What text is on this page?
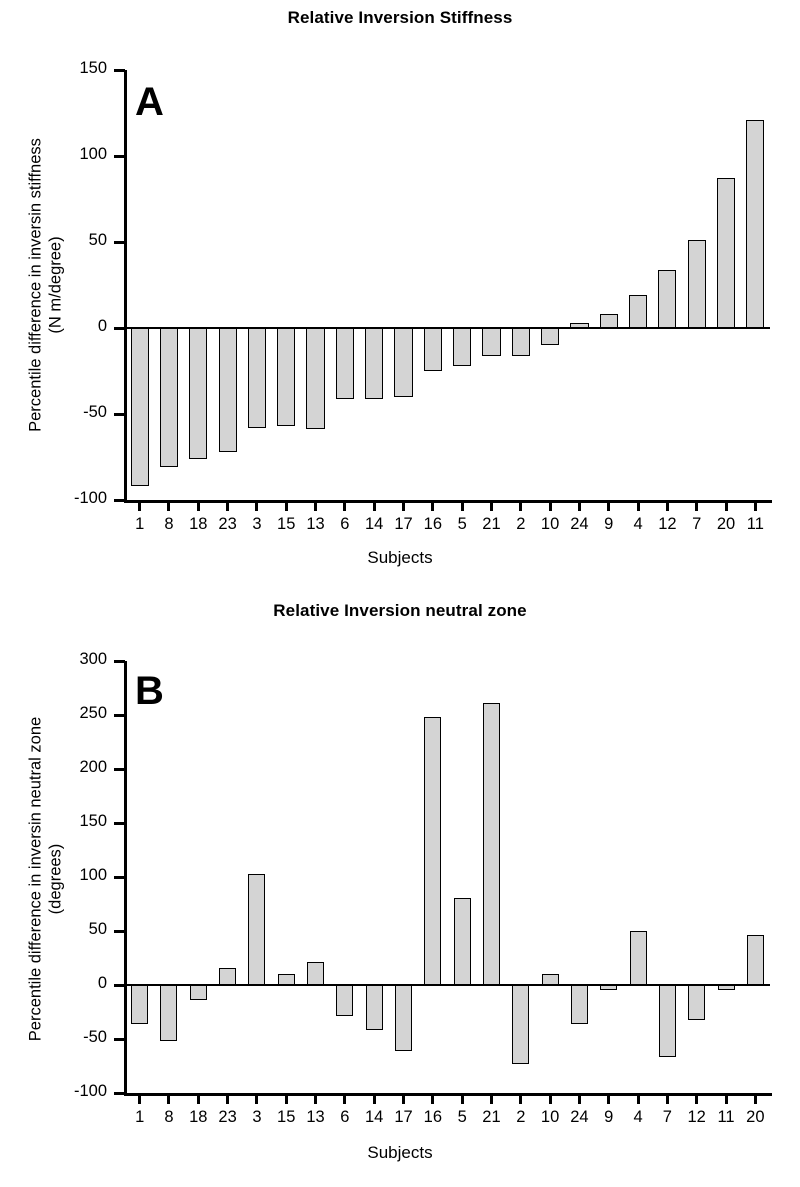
Relative Inversion Stiffness
A
Percentile difference in inversin stiffness (N m/degree)
-100
-50
0
50
100
150
1	8 18 23 3 15 13 6 14 17 16 5 21 2 10 24 9	4 12 7 20 11
Subjects
Relative Inversion neutral zone
B
Percentile difference in inversin neutral zone (degrees)
-100
-50
0
50
100
150
200
250
300
1	8 18 23 3 15 13 6 14 17 16 5 21 2 10 24 9	4	7 12 11 20
Subjects
